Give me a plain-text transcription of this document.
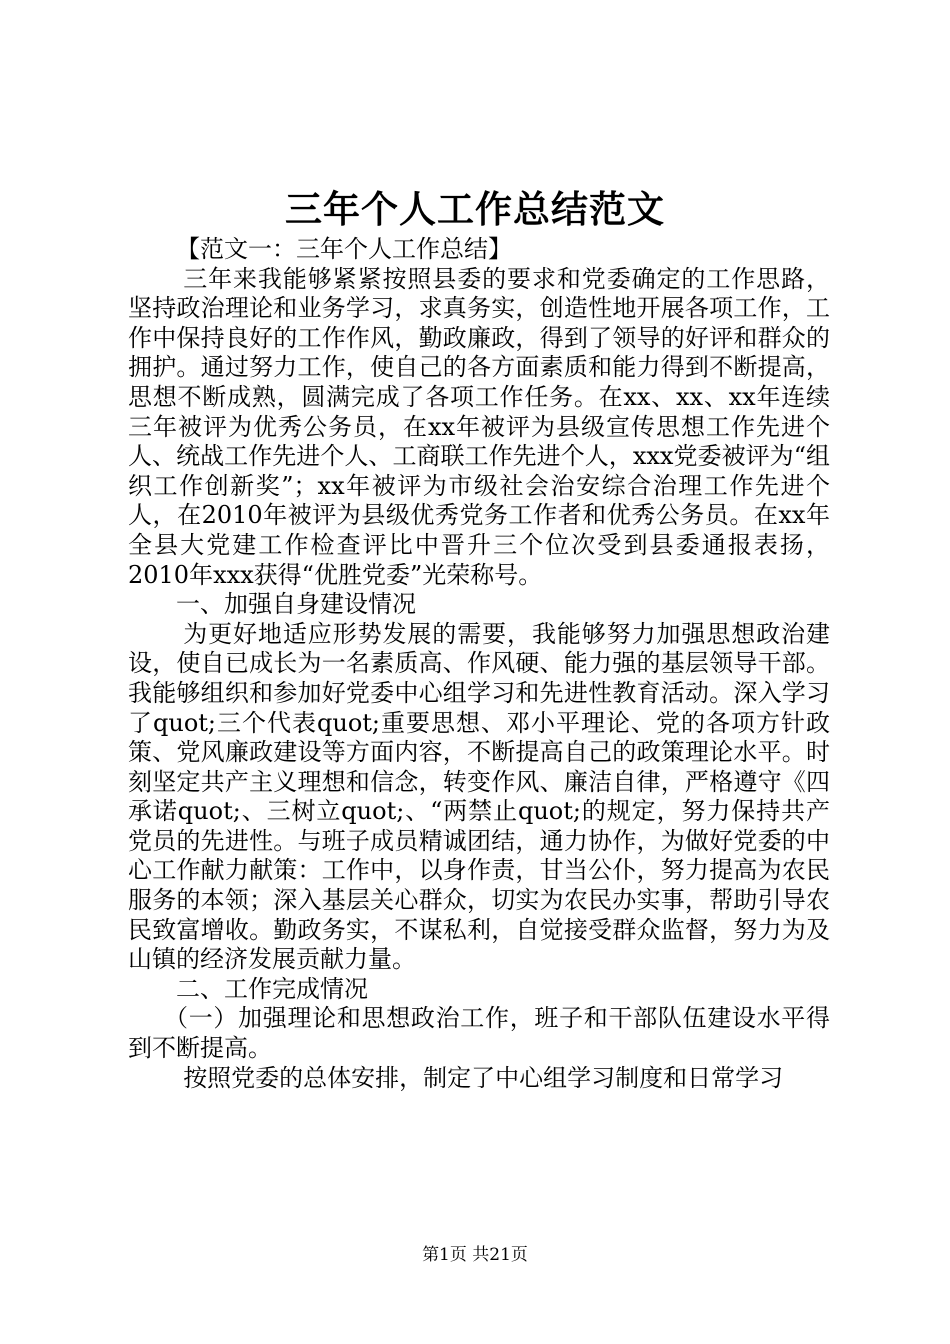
三年个人工作总结范文

【范文一：三年个人工作总结】

三年来我能够紧紧按照县委的要求和党委确定的工作思路，坚持政治理论和业务学习，求真务实，创造性地开展各项工作，工作中保持良好的工作作风，勤政廉政，得到了领导的好评和群众的拥护。通过努力工作，使自己的各方面素质和能力得到不断提高，思想不断成熟，圆满完成了各项工作任务。在xx、xx、xx年连续三年被评为优秀公务员，在xx年被评为县级宣传思想工作先进个人、统战工作先进个人、工商联工作先进个人，xxx党委被评为“组织工作创新奖”；xx年被评为市级社会治安综合治理工作先进个人，在2010年被评为县级优秀党务工作者和优秀公务员。在xx年全县大党建工作检查评比中晋升三个位次受到县委通报表扬，2010年xxx获得“优胜党委”光荣称号。

一、加强自身建设情况

为更好地适应形势发展的需要，我能够努力加强思想政治建设，使自已成长为一名素质高、作风硬、能力强的基层领导干部。我能够组织和参加好党委中心组学习和先进性教育活动。深入学习了quot;三个代表quot;重要思想、邓小平理论、党的各项方针政策、党风廉政建设等方面内容，不断提高自己的政策理论水平。时刻坚定共产主义理想和信念，转变作风、廉洁自律，严格遵守《四承诺quot;、三树立quot;、“两禁止quot;的规定，努力保持共产党员的先进性。与班子成员精诚团结，通力协作，为做好党委的中心工作献力献策：工作中，以身作责，甘当公仆，努力提高为农民服务的本领；深入基层关心群众，切实为农民办实事，帮助引导农民致富增收。勤政务实，不谋私利，自觉接受群众监督，努力为及山镇的经济发展贡献力量。

二、工作完成情况

（一）加强理论和思想政治工作，班子和干部队伍建设水平得到不断提高。

按照党委的总体安排，制定了中心组学习制度和日常学习

第1页 共21页
